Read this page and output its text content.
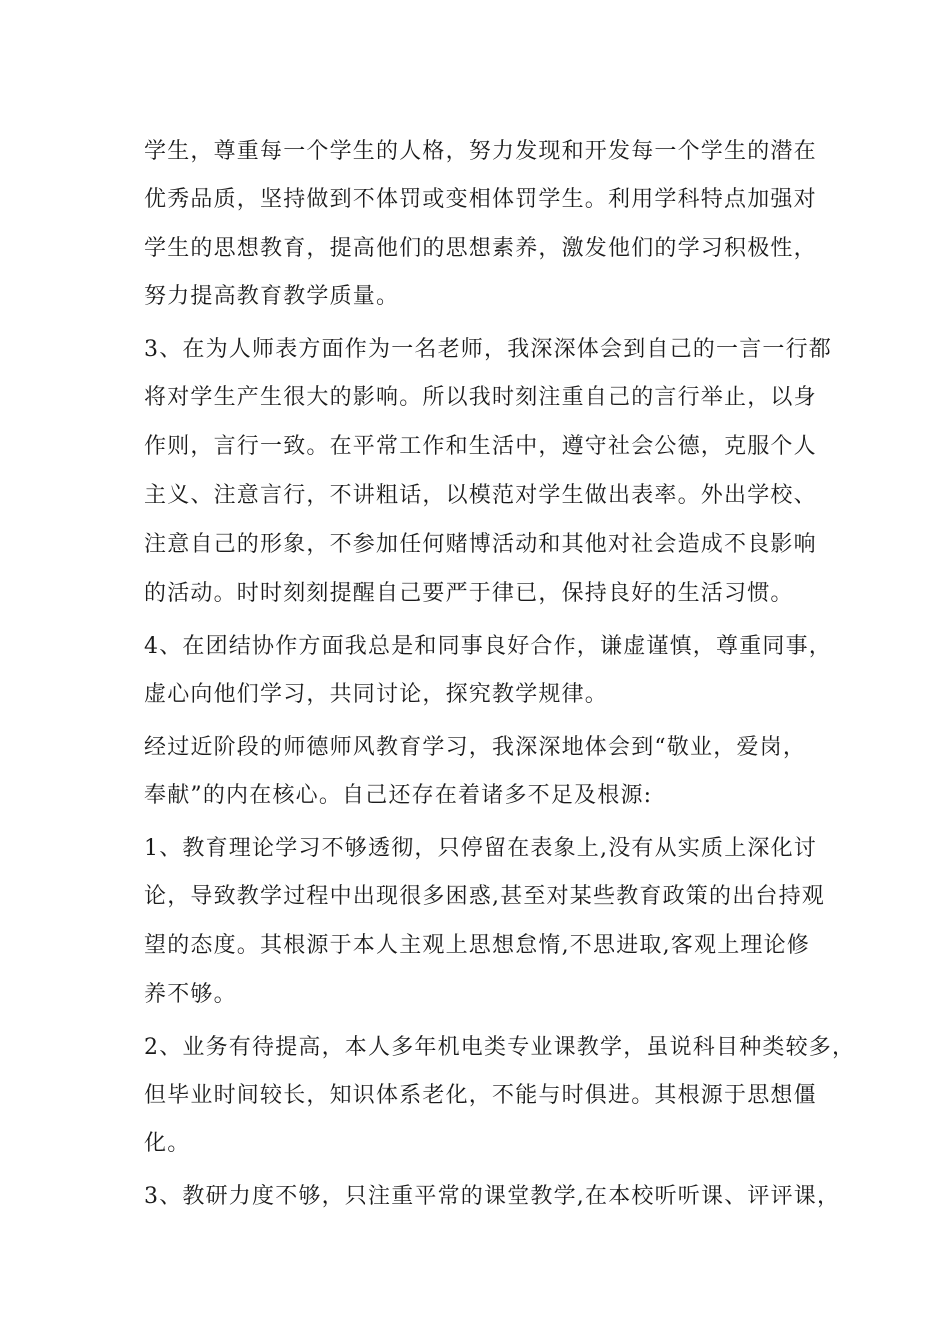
学生，尊重每一个学生的人格，努力发现和开发每一个学生的潜在
优秀品质，坚持做到不体罚或变相体罚学生。利用学科特点加强对
学生的思想教育，提高他们的思想素养，激发他们的学习积极性，
努力提高教育教学质量。
3、在为人师表方面作为一名老师，我深深体会到自己的一言一行都
将对学生产生很大的影响。所以我时刻注重自己的言行举止，以身
作则，言行一致。在平常工作和生活中，遵守社会公德，克服个人
主义、注意言行，不讲粗话，以模范对学生做出表率。外出学校、
注意自己的形象，不参加任何赌博活动和其他对社会造成不良影响
的活动。时时刻刻提醒自己要严于律已，保持良好的生活习惯。
4、在团结协作方面我总是和同事良好合作，谦虚谨慎，尊重同事，
虚心向他们学习，共同讨论，探究教学规律。
经过近阶段的师德师风教育学习，我深深地体会到“敬业，爱岗，
奉献”的内在核心。自己还存在着诸多不足及根源:
1、教育理论学习不够透彻，只停留在表象上,没有从实质上深化讨
论，导致教学过程中出现很多困惑,甚至对某些教育政策的出台持观
望的态度。其根源于本人主观上思想怠惰,不思进取,客观上理论修
养不够。
2、业务有待提高，本人多年机电类专业课教学，虽说科目种类较多，
但毕业时间较长，知识体系老化，不能与时俱进。其根源于思想僵
化。
3、教研力度不够，只注重平常的课堂教学,在本校听听课、评评课，
